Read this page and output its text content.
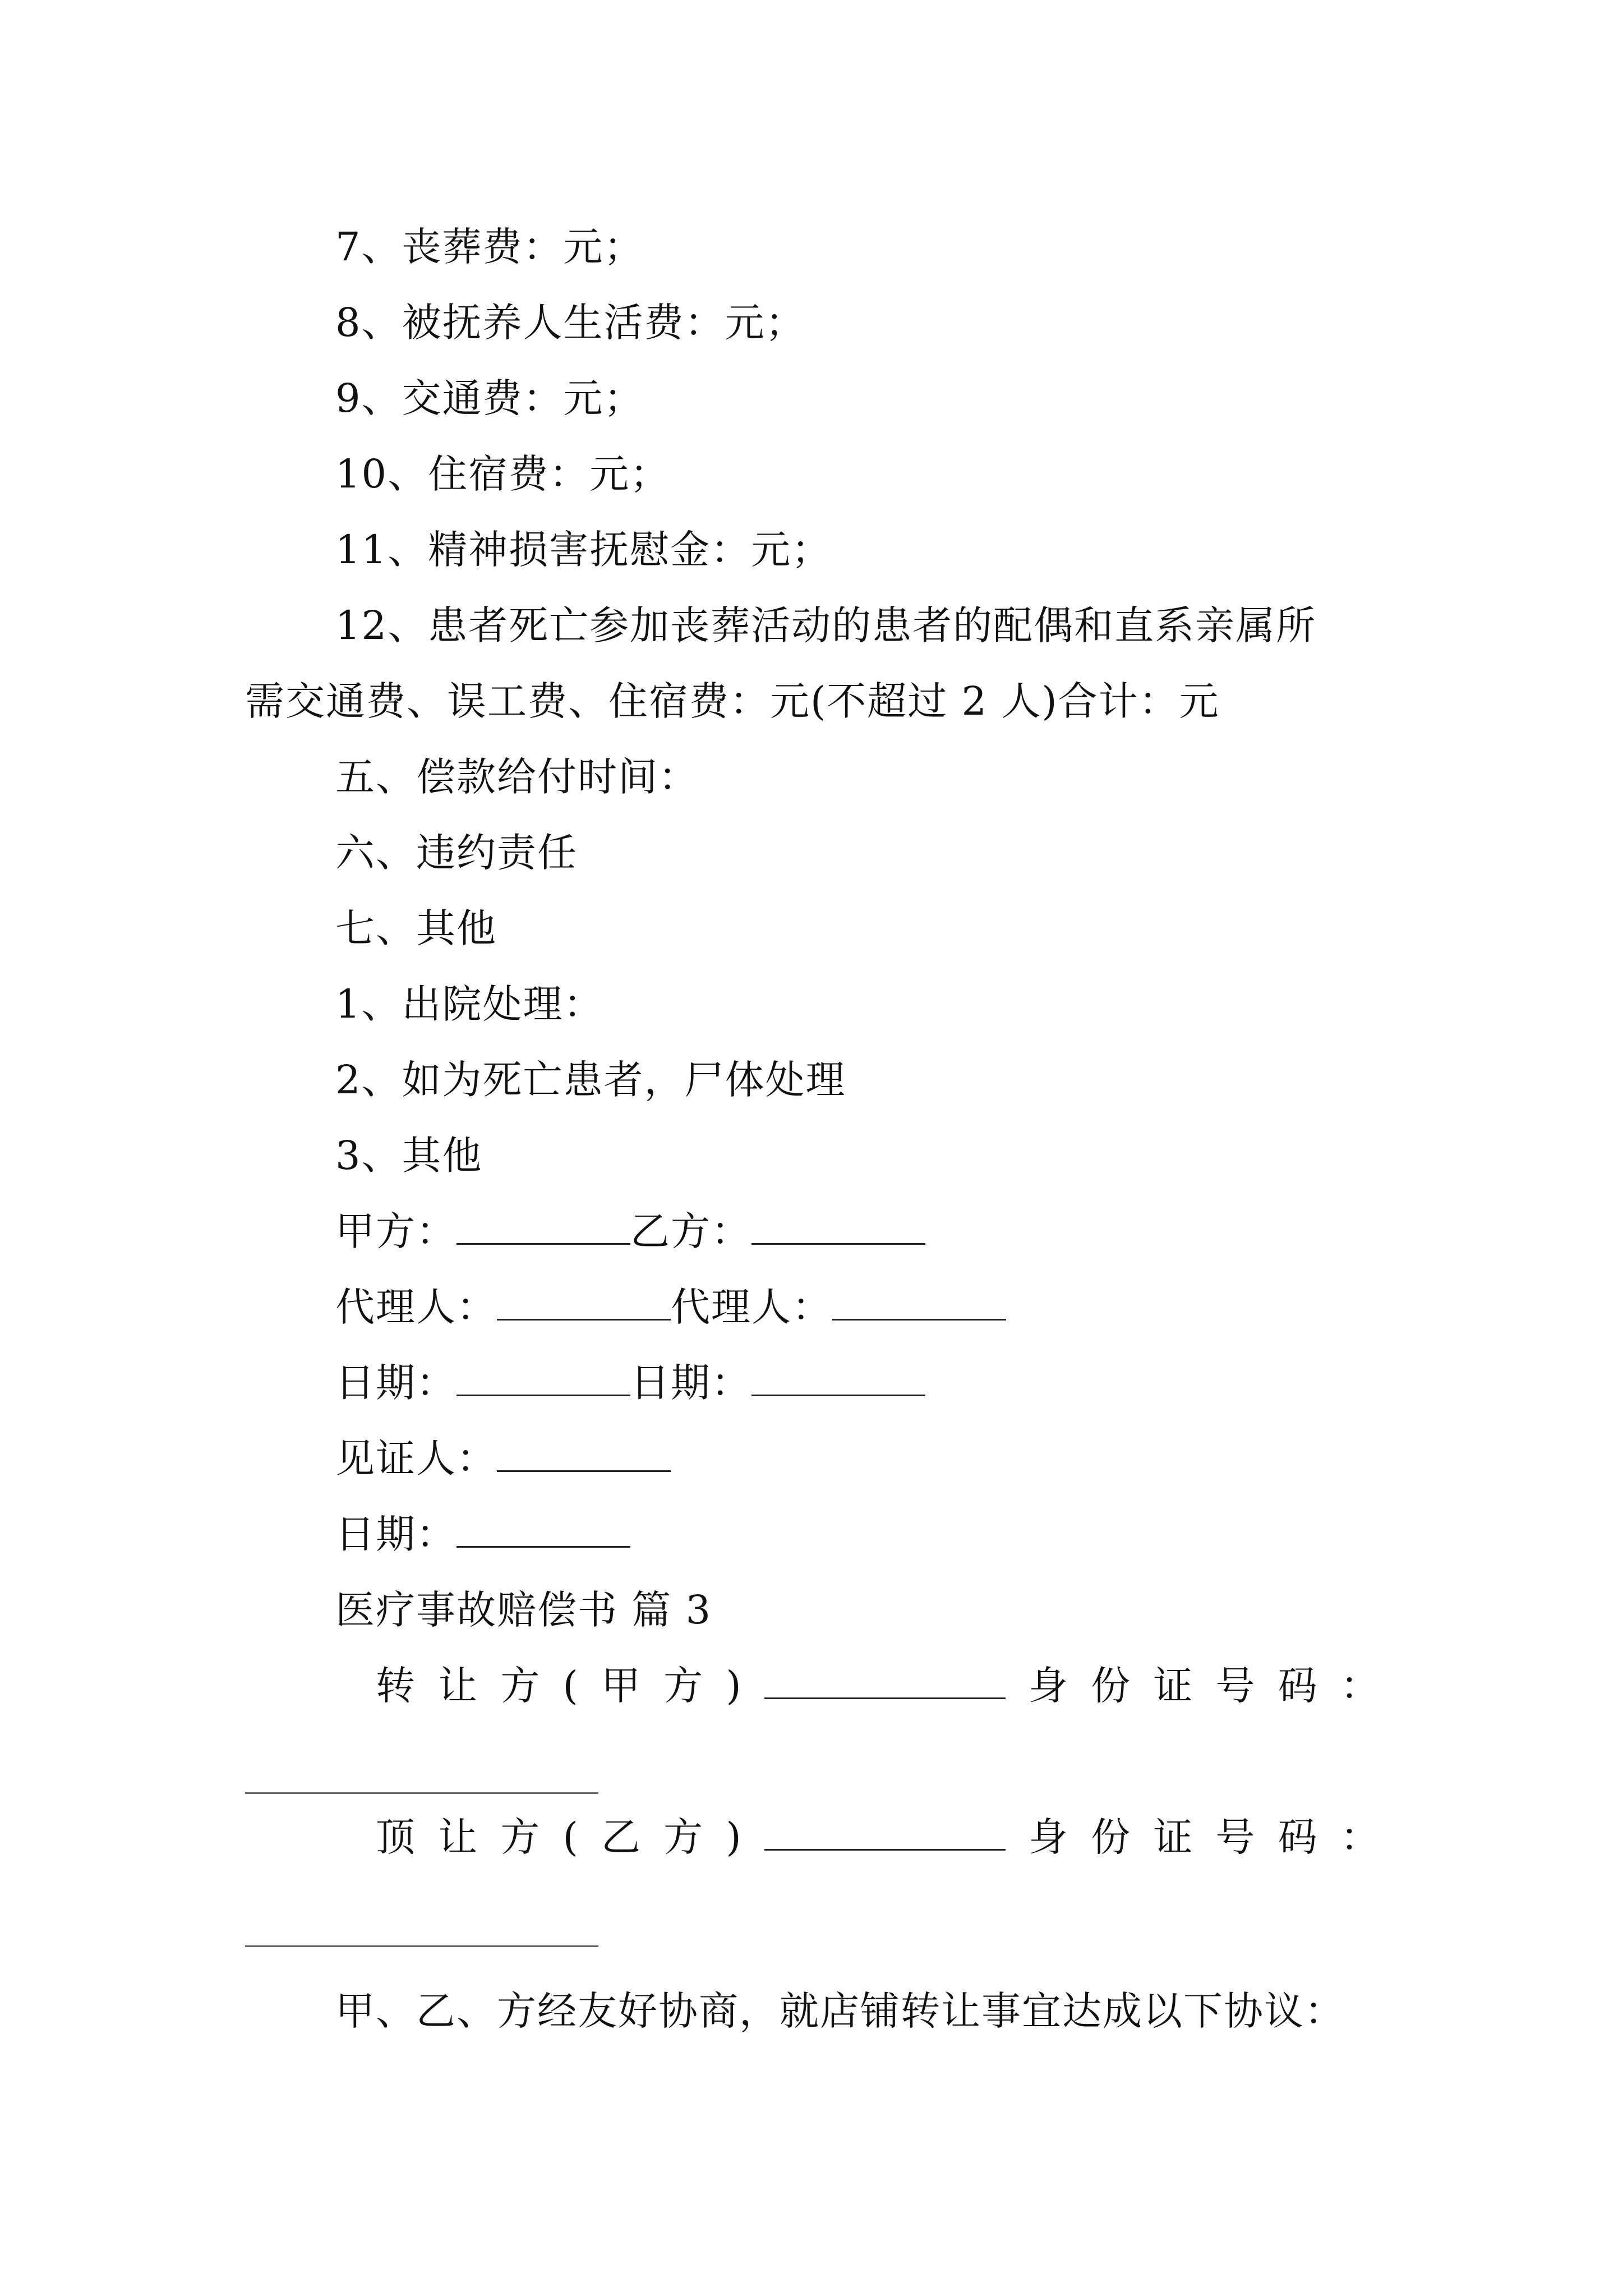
7、丧葬费：元；
8、被抚养人生活费：元；
9、交通费：元；
10、住宿费：元；
11、精神损害抚慰金：元；
12、患者死亡参加丧葬活动的患者的配偶和直系亲属所
需交通费、误工费、住宿费：元(不超过 2 人)合计：元
五、偿款给付时间：
六、违约责任
七、其他
1、出院处理：
2、如为死亡患者，尸体处理
3、其他
甲方：	乙方：
代理人：	代理人：
日期：	日期：
见证人：
日期：
医疗事故赔偿书 篇 3
转 让 方 ( 甲 方 )	身 份 证 号 码 ：
顶 让 方 ( 乙 方 )	身 份 证 号 码 ：
甲、乙、方经友好协商，就店铺转让事宜达成以下协议：
